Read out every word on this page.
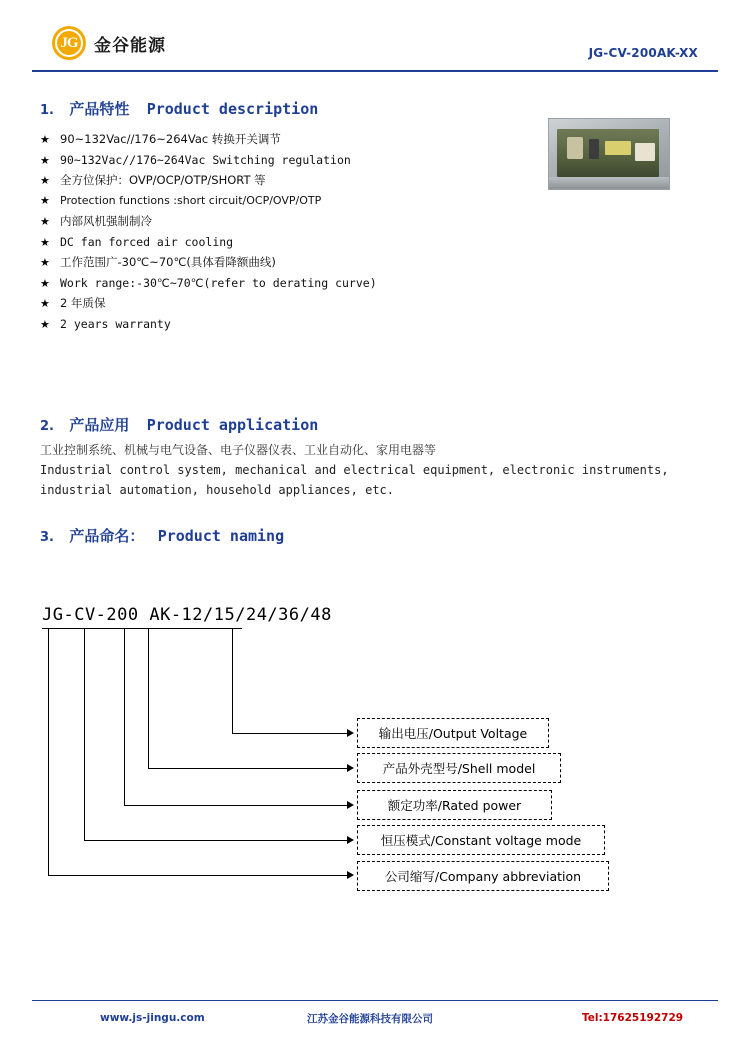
JG 金谷能源	JG-CV-200AK-XX
1. 产品特性 Product description
★ 90~132Vac//176~264Vac 转换开关调节
★ 90~132Vac//176~264Vac Switching regulation
★ 全方位保护：OVP/OCP/OTP/SHORT 等
★ Protection functions :short circuit/OCP/OVP/OTP
★ 内部风机强制制冷
★ DC fan forced air cooling
★ 工作范围广-30℃~70℃(具体看降额曲线)
★ Work range:-30℃~70℃(refer to derating curve)
★ 2 年质保
★ 2 years warranty
2. 产品应用 Product application
工业控制系统、机械与电气设备、电子仪器仪表、工业自动化、家用电器等
Industrial control system, mechanical and electrical equipment, electronic instruments,
industrial automation, household appliances, etc.
3. 产品命名： Product naming
JG-CV-200 AK-12/15/24/36/48
输出电压/Output Voltage
产品外壳型号/Shell model
额定功率/Rated power
恒压模式/Constant voltage mode
公司缩写/Company abbreviation
www.js-jingu.com	江苏金谷能源科技有限公司	Tel:17625192729
